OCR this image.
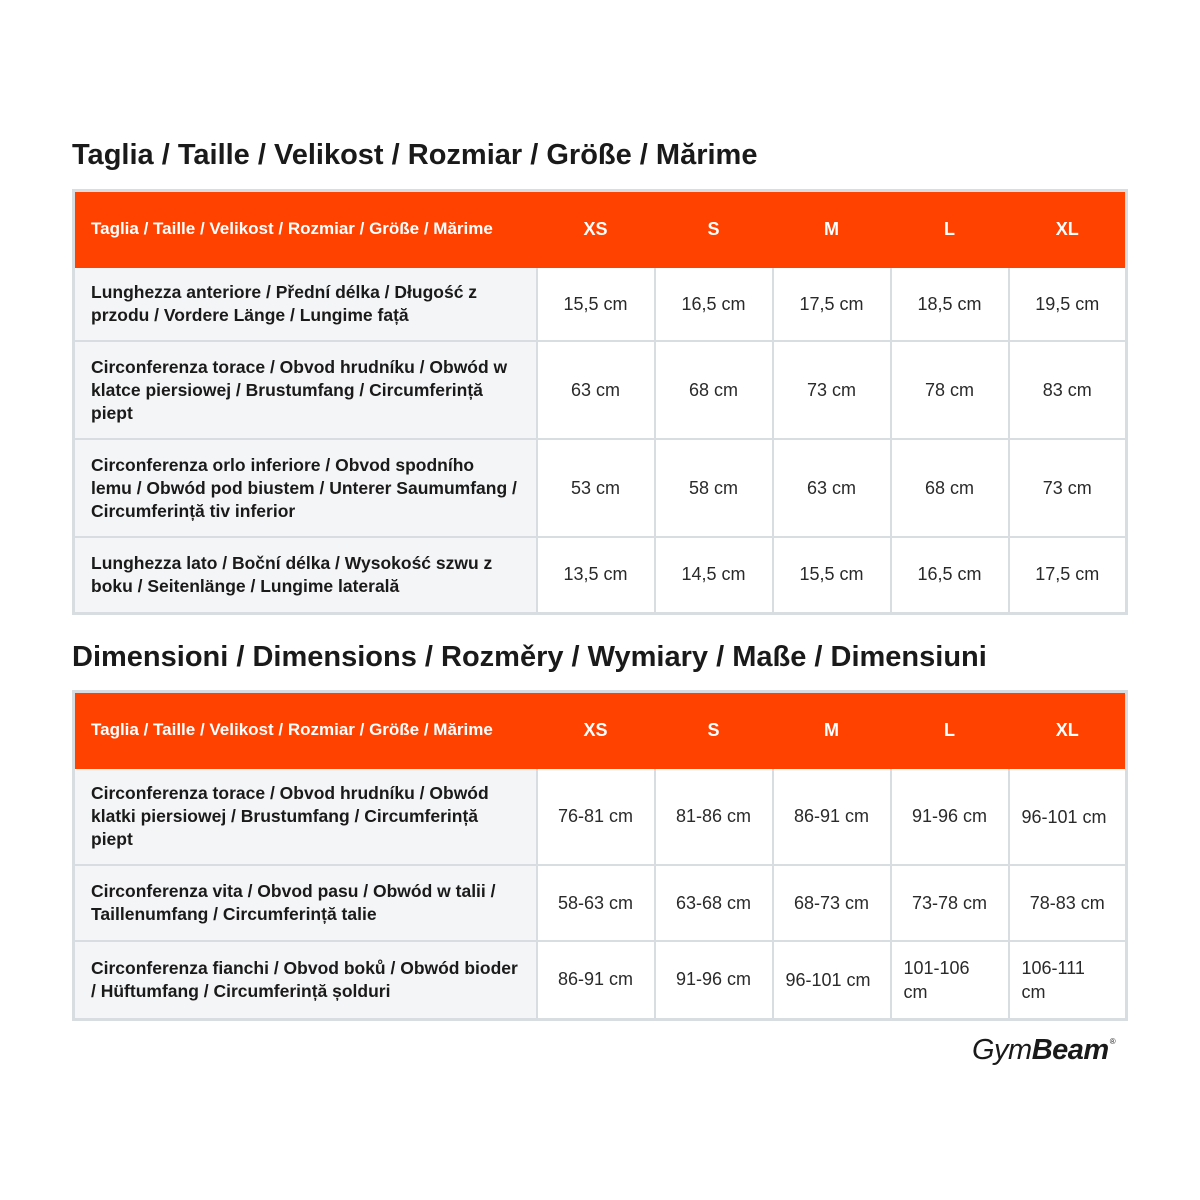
Taglia / Taille / Velikost / Rozmiar / Größe / Mărime
Taglia / Taille / Velikost / Rozmiar / Größe / Mărime	XS	S	M	L	XL
Lunghezza anteriore / Přední délka / Długość z przodu / Vordere Länge / Lungime față	15,5 cm	16,5 cm	17,5 cm	18,5 cm	19,5 cm
Circonferenza torace / Obvod hrudníku / Obwód w klatce piersiowej / Brustumfang / Circumferință piept	63 cm	68 cm	73 cm	78 cm	83 cm
Circonferenza orlo inferiore / Obvod spodního lemu / Obwód pod biustem / Unterer Saumumfang / Circumferință tiv inferior	53 cm	58 cm	63 cm	68 cm	73 cm
Lunghezza lato / Boční délka / Wysokość szwu z boku / Seitenlänge / Lungime laterală	13,5 cm	14,5 cm	15,5 cm	16,5 cm	17,5 cm
Dimensioni / Dimensions / Rozměry / Wymiary / Maße / Dimensiuni
Taglia / Taille / Velikost / Rozmiar / Größe / Mărime	XS	S	M	L	XL
Circonferenza torace / Obvod hrudníku / Obwód klatki piersiowej / Brustumfang / Circumferință piept	76-81 cm	81-86 cm	86-91 cm	91-96 cm	96-101 cm
Circonferenza vita / Obvod pasu / Obwód w talii / Taillenumfang / Circumferință talie	58-63 cm	63-68 cm	68-73 cm	73-78 cm	78-83 cm
Circonferenza fianchi / Obvod boků / Obwód bioder / Hüftumfang / Circumferință șolduri	86-91 cm	91-96 cm	96-101 cm	101-106 cm	106-111 cm
GymBeam®
